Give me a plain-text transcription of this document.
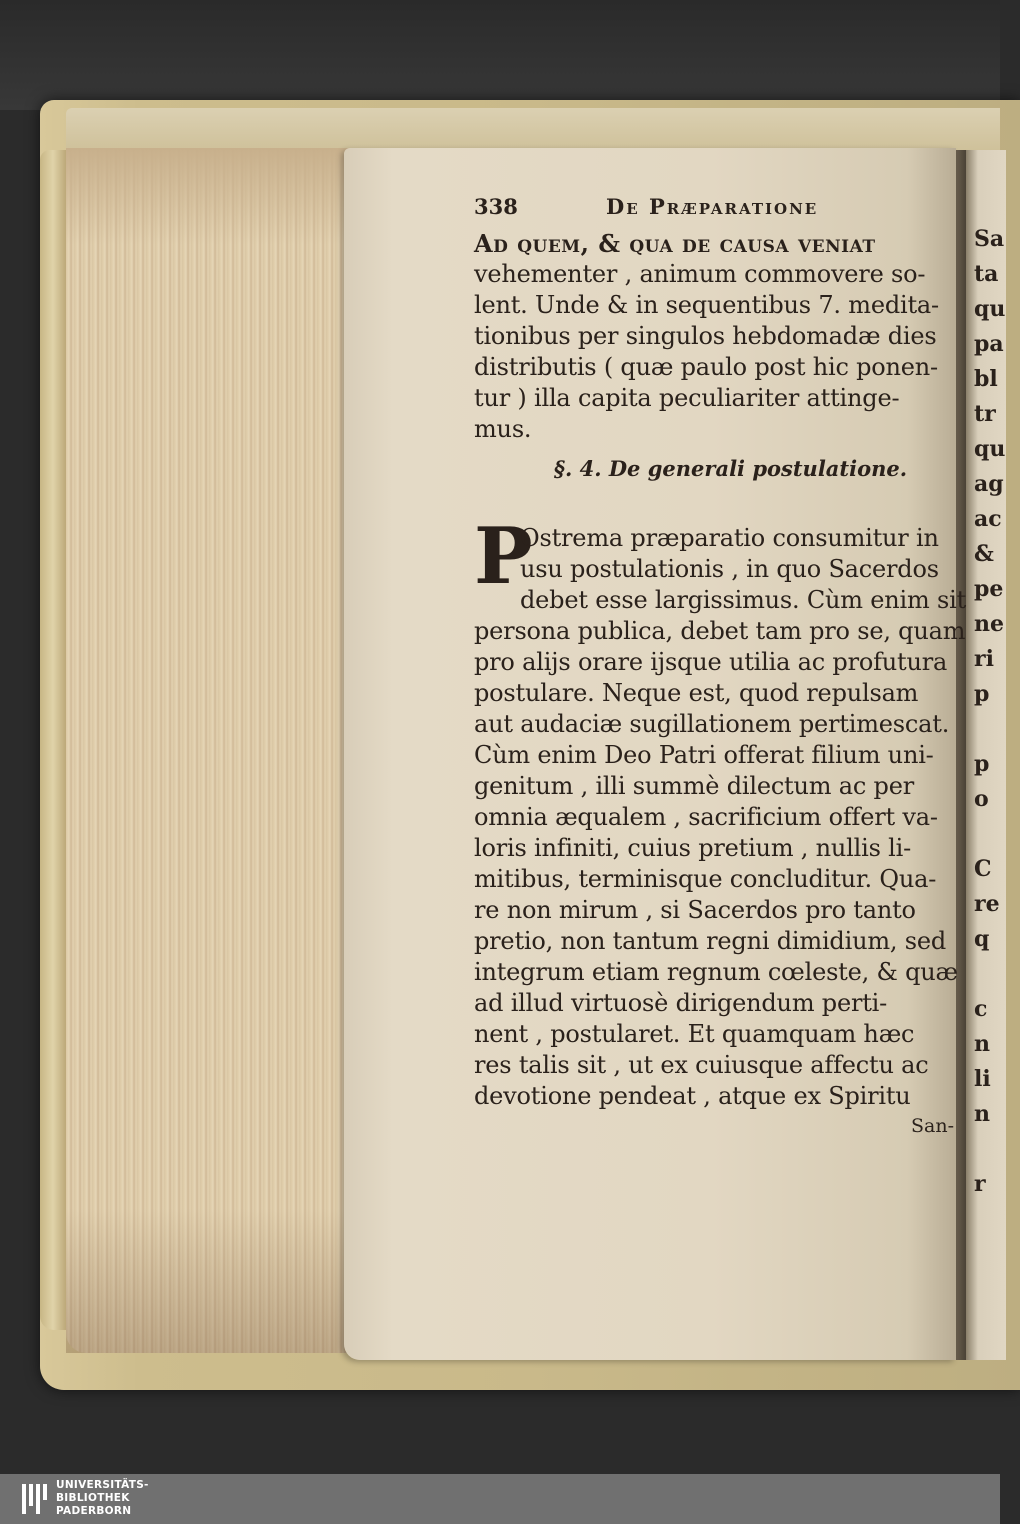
338	De Præparatione
Ad quem, & qua de causa veniat
vehementer , animum commovere so-
lent. Unde & in sequentibus 7. medita-
tionibus per singulos hebdomadæ dies
distributis ( quæ paulo post hic ponen-
tur ) illa capita peculiariter attinge-
mus.
§. 4. De generali postulatione.
P
Ostrema præparatio consumitur in
usu postulationis , in quo Sacerdos
debet esse largissimus. Cùm enim sit
persona publica, debet tam pro se, quam
pro alijs orare ijsque utilia ac profutura
postulare. Neque est, quod repulsam
aut audaciæ sugillationem pertimescat.
Cùm enim Deo Patri offerat filium uni-
genitum , illi summè dilectum ac per
omnia æqualem , sacrificium offert va-
loris infiniti, cuius pretium , nullis li-
mitibus, terminisque concluditur. Qua-
re non mirum , si Sacerdos pro tanto
pretio, non tantum regni dimidium, sed
integrum etiam regnum cœleste, & quæ
ad illud virtuosè dirigendum perti-
nent , postularet. Et quamquam hæc
res talis sit , ut ex cuiusque affectu ac
devotione pendeat , atque ex Spiritu
San-
Sa
ta
qu
pa
bl
tr
qu
ag
ac
&
pe
ne
ri
p
p
o
C
re
q
c
n
li
n
r
UNIVERSITÄTS-
BIBLIOTHEK
PADERBORN
